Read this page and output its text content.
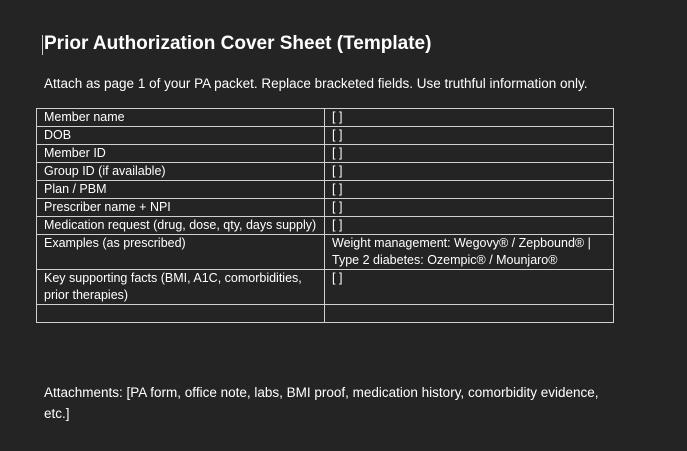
Prior Authorization Cover Sheet (Template)

Attach as page 1 of your PA packet. Replace bracketed fields. Use truthful information only.

Member name	[ ]
DOB	[ ]
Member ID	[ ]
Group ID (if available)	[ ]
Plan / PBM	[ ]
Prescriber name + NPI	[ ]
Medication request (drug, dose, qty, days supply)	[ ]
Examples (as prescribed)	Weight management: Wegovy® / Zepbound® | Type 2 diabetes: Ozempic® / Mounjaro®
Key supporting facts (BMI, A1C, comorbidities, prior therapies)	[ ]

Attachments: [PA form, office note, labs, BMI proof, medication history, comorbidity evidence, etc.]
